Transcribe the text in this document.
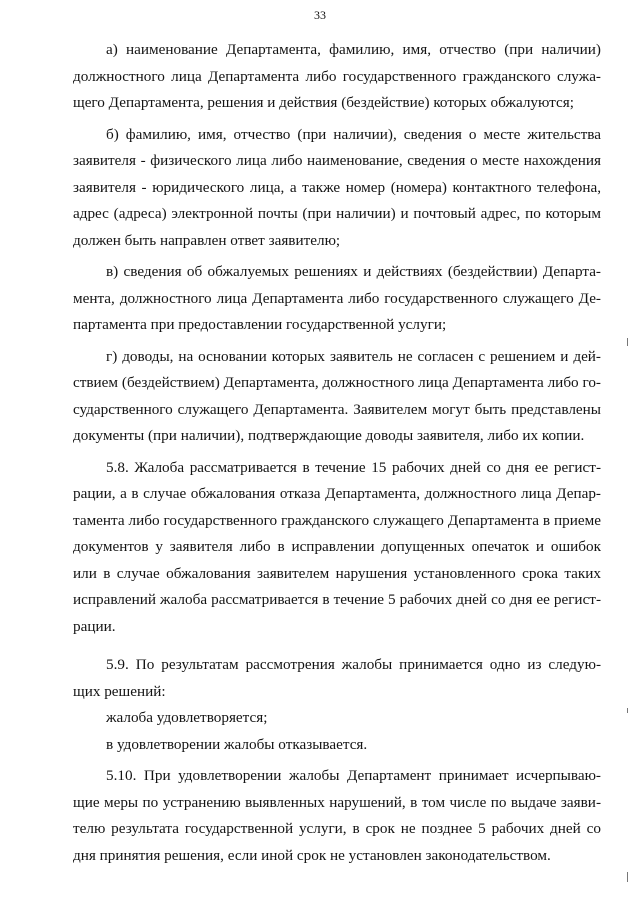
33
а) наименование Департамента, фамилию, имя, отчество (при наличии)
должностного лица Департамента либо государственного гражданского служа-
щего Департамента, решения и действия (бездействие) которых обжалуются;
б) фамилию, имя, отчество (при наличии), сведения о месте жительства
заявителя - физического лица либо наименование, сведения о месте нахождения
заявителя - юридического лица, а также номер (номера) контактного телефона,
адрес (адреса) электронной почты (при наличии) и почтовый адрес, по которым
должен быть направлен ответ заявителю;
в) сведения об обжалуемых решениях и действиях (бездействии) Департа-
мента, должностного лица Департамента либо государственного служащего Де-
партамента при предоставлении государственной услуги;
г) доводы, на основании которых заявитель не согласен с решением и дей-
ствием (бездействием) Департамента, должностного лица Департамента либо го-
сударственного служащего Департамента. Заявителем могут быть представлены
документы (при наличии), подтверждающие доводы заявителя, либо их копии.
5.8. Жалоба рассматривается в течение 15 рабочих дней со дня ее регист-
рации, а в случае обжалования отказа Департамента, должностного лица Депар-
тамента либо государственного гражданского служащего Департамента в приеме
документов у заявителя либо в исправлении допущенных опечаток и ошибок
или в случае обжалования заявителем нарушения установленного срока таких
исправлений жалоба рассматривается в течение 5 рабочих дней со дня ее регист-
рации.
5.9. По результатам рассмотрения жалобы принимается одно из следую-
щих решений:
жалоба удовлетворяется;
в удовлетворении жалобы отказывается.
5.10. При удовлетворении жалобы Департамент принимает исчерпываю-
щие меры по устранению выявленных нарушений, в том числе по выдаче заяви-
телю результата государственной услуги, в срок не позднее 5 рабочих дней со
дня принятия решения, если иной срок не установлен законодательством.
